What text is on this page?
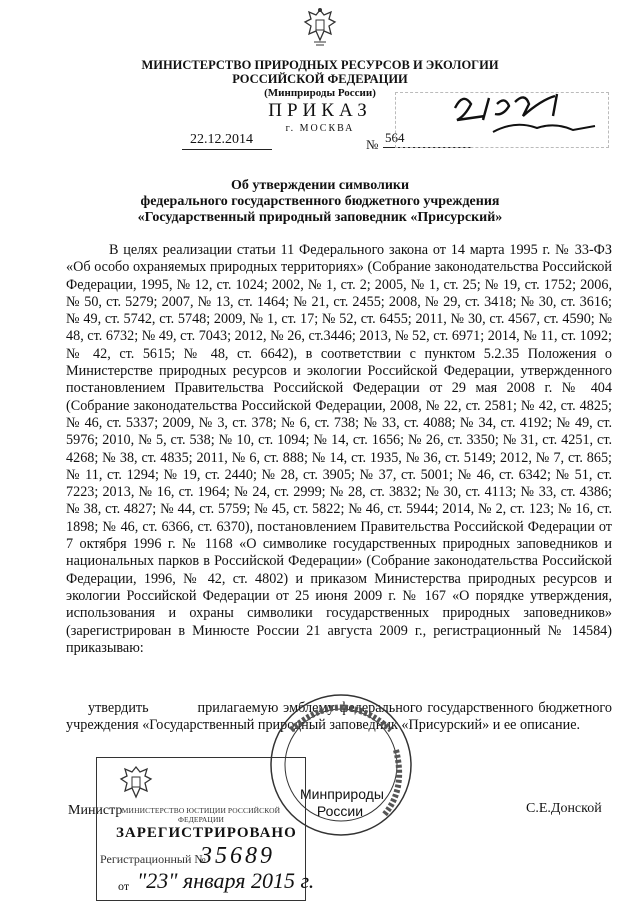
МИНИСТЕРСТВО ПРИРОДНЫХ РЕСУРСОВ И ЭКОЛОГИИ
РОССИЙСКОЙ ФЕДЕРАЦИИ
(Минприроды России)
ПРИКАЗ
г. МОСКВА
22.12.2014	№ 564
Об утверждении символики
федерального государственного бюджетного учреждения
«Государственный природный заповедник «Присурский»
В целях реализации статьи 11 Федерального закона от 14 марта 1995 г. № 33-ФЗ «Об особо охраняемых природных территориях» (Собрание законодательства Российской Федерации, 1995, № 12, ст. 1024; 2002, № 1, ст. 2; 2005, № 1, ст. 25; № 19, ст. 1752; 2006, № 50, ст. 5279; 2007, № 13, ст. 1464; № 21, ст. 2455; 2008, № 29, ст. 3418; № 30, ст. 3616; № 49, ст. 5742, ст. 5748; 2009, № 1, ст. 17; № 52, ст. 6455; 2011, № 30, ст. 4567, ст. 4590; № 48, ст. 6732; № 49, ст. 7043; 2012, № 26, ст.3446; 2013, № 52, ст. 6971; 2014, № 11, ст. 1092; № 42, ст. 5615; № 48, ст. 6642), в соответствии с пунктом 5.2.35 Положения о Министерстве природных ресурсов и экологии Российской Федерации, утвержденного постановлением Правительства Российской Федерации от 29 мая 2008 г. № 404 (Собрание законодательства Российской Федерации, 2008, № 22, ст. 2581; № 42, ст. 4825; № 46, ст. 5337; 2009, № 3, ст. 378; № 6, ст. 738; № 33, ст. 4088; № 34, ст. 4192; № 49, ст. 5976; 2010, № 5, ст. 538; № 10, ст. 1094; № 14, ст. 1656; № 26, ст. 3350; № 31, ст. 4251, ст. 4268; № 38, ст. 4835; 2011, № 6, ст. 888; № 14, ст. 1935, № 36, ст. 5149; 2012, № 7, ст. 865; № 11, ст. 1294; № 19, ст. 2440; № 28, ст. 3905; № 37, ст. 5001; № 46, ст. 6342; № 51, ст. 7223; 2013, № 16, ст. 1964; № 24, ст. 2999; № 28, ст. 3832; № 30, ст. 4113; № 33, ст. 4386; № 38, ст. 4827; № 44, ст. 5759; № 45, ст. 5822; № 46, ст. 5944; 2014, № 2, ст. 123; № 16, ст. 1898; № 46, ст. 6366, ст. 6370), постановлением Правительства Российской Федерации от 7 октября 1996 г. № 1168 «О символике государственных природных заповедников и национальных парков в Российской Федерации» (Собрание законодательства Российской Федерации, 1996, № 42, ст. 4802) и приказом Министерства природных ресурсов и экологии Российской Федерации от 25 июня 2009 г. № 167 «О порядке утверждения, использования и охраны символики государственных природных заповедников» (зарегистрирован в Минюсте России 21 августа 2009 г., регистрационный № 14584) приказываю:
утвердить	прилагаемую эмблему федерального государственного бюджетного учреждения «Государственный природный заповедник «Присурский» и ее описание.
Минприроды России
Министр	С.Е.Донской
МИНИСТЕРСТВО ЮСТИЦИИ РОССИЙСКОЙ ФЕДЕРАЦИИ
ЗАРЕГИСТРИРОВАНО
Регистрационный №
35689
от "23" января 2015 г.
